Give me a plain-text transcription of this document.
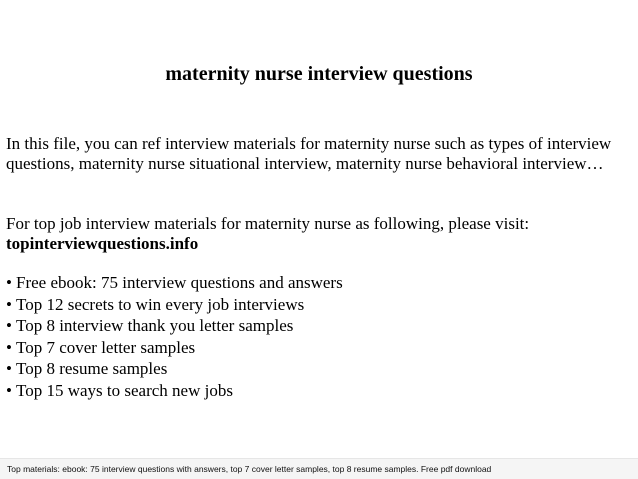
maternity nurse interview questions
In this file, you can ref interview materials for maternity nurse such as types of interview questions, maternity nurse situational interview, maternity nurse behavioral interview…
For top job interview materials for maternity nurse as following, please visit:
topinterviewquestions.info
• Free ebook: 75 interview questions and answers
• Top 12 secrets to win every job interviews
• Top 8 interview thank you letter samples
• Top 7 cover letter samples
• Top 8 resume samples
• Top 15 ways to search new jobs
Top materials: ebook: 75 interview questions with answers, top 7 cover letter samples, top 8 resume samples. Free pdf download
